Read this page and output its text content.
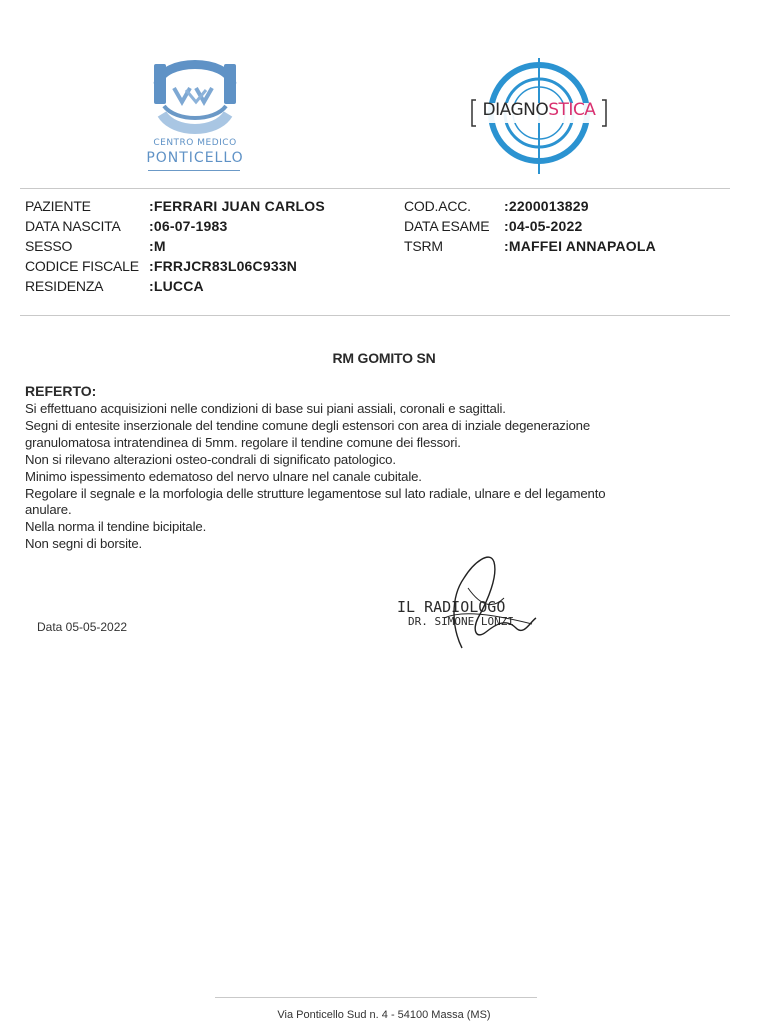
CENTRO MEDICO
PONTICELLO
DIAGNOSTICA
PAZIENTE	:FERRARI JUAN CARLOS
DATA NASCITA :06-07-1983
SESSO	:M
CODICE FISCALE :FRRJCR83L06C933N
RESIDENZA	:LUCCA
COD.ACC. :2200013829
DATA ESAME :04-05-2022
TSRM	:MAFFEI ANNAPAOLA
RM GOMITO SN
REFERTO:
Si effettuano acquisizioni nelle condizioni di base sui piani assiali, coronali e sagittali.
Segni di entesite inserzionale del tendine comune degli estensori con area di inziale degenerazione
granulomatosa intratendinea di 5mm. regolare il tendine comune dei flessori.
Non si rilevano alterazioni osteo-condrali di significato patologico.
Minimo ispessimento edematoso del nervo ulnare nel canale cubitale.
Regolare il segnale e la morfologia delle strutture legamentose sul lato radiale, ulnare e del legamento
anulare.
Nella norma il tendine bicipitale.
Non segni di borsite.
IL RADIOLOGO
DR. SIMONE LONZI
Data 05-05-2022
Via Ponticello Sud n. 4 - 54100 Massa (MS)
